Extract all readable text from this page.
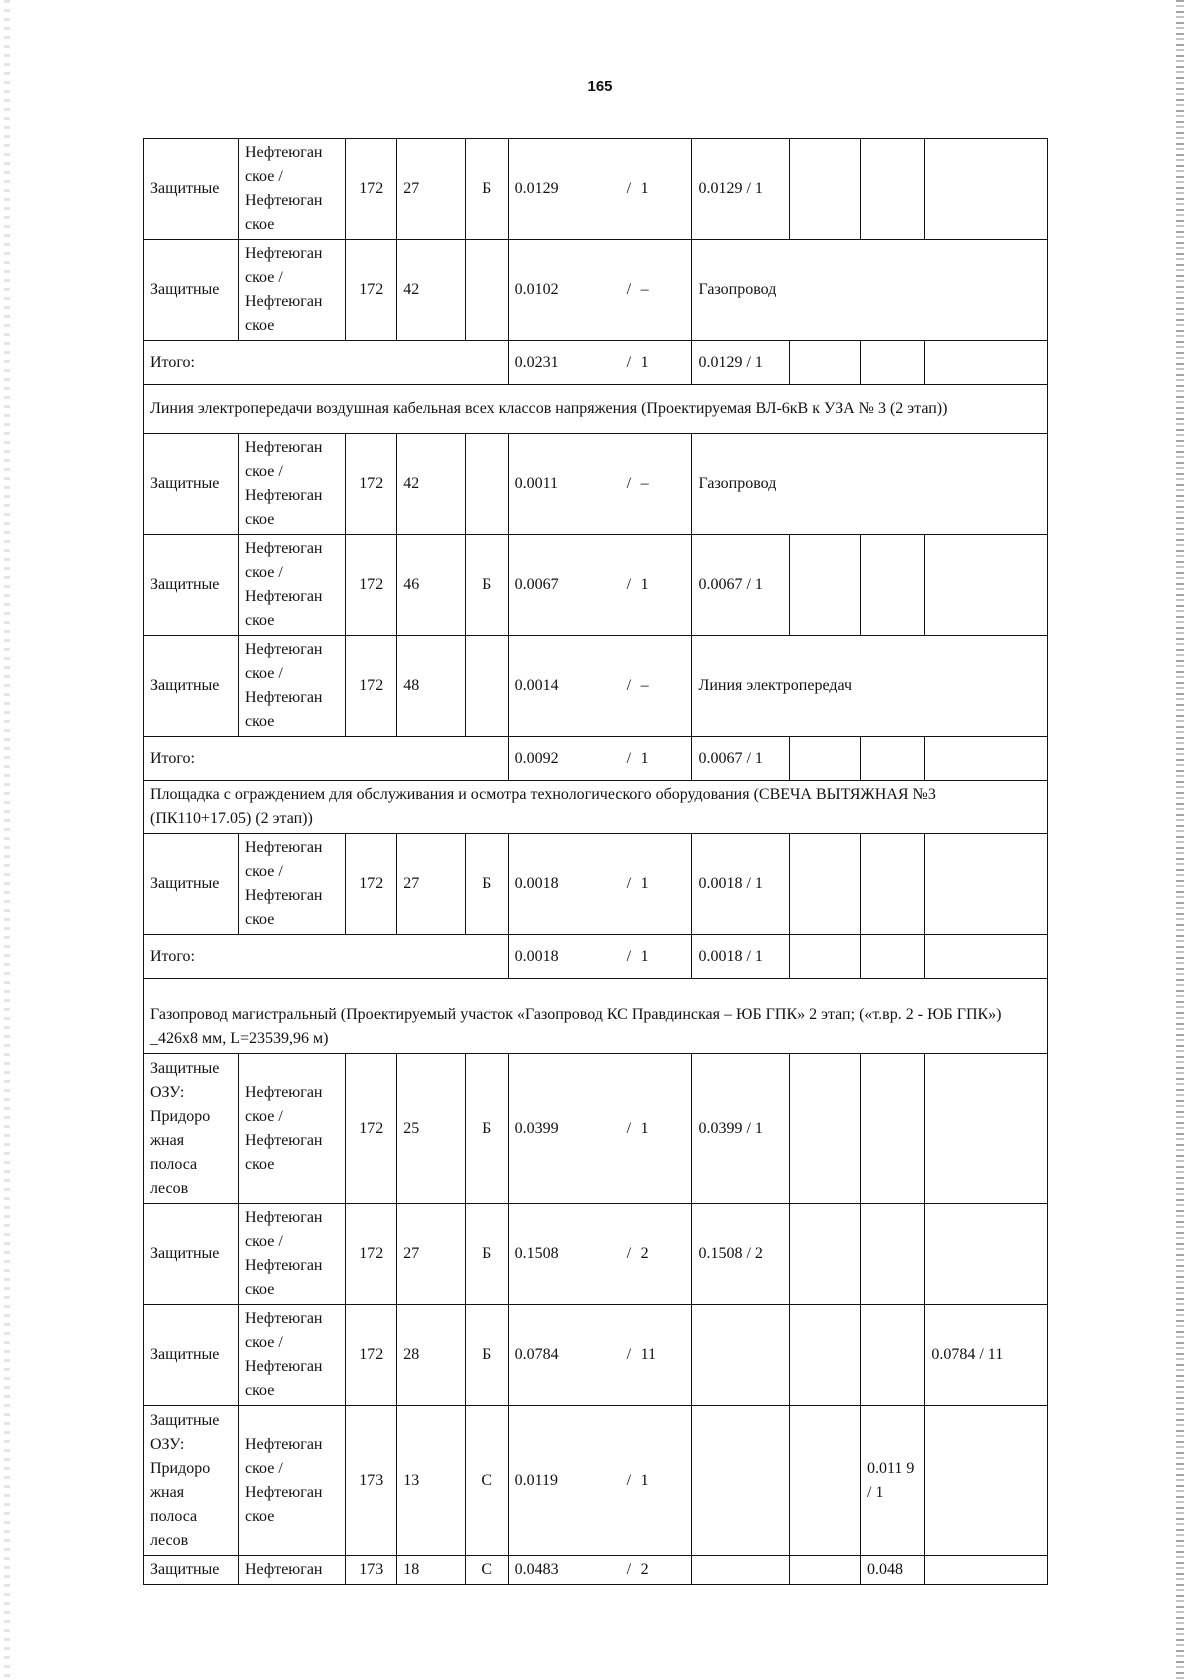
165
Защитные	Нефтеюган ское / Нефтеюган ское	172	27	Б	0.0129 / 1	0.0129 / 1			
Защитные	Нефтеюган ское / Нефтеюган ское	172	42		0.0102 / –	Газопровод			
Итого:					0.0231 / 1	0.0129 / 1			
Линия электропередачи воздушная кабельная всех классов напряжения (Проектируемая ВЛ-6кВ к УЗА № 3 (2 этап))									
Защитные	Нефтеюган ское / Нефтеюган ское	172	42		0.0011 / –	Газопровод			
Защитные	Нефтеюган ское / Нефтеюган ское	172	46	Б	0.0067 / 1	0.0067 / 1			
Защитные	Нефтеюган ское / Нефтеюган ское	172	48		0.0014 / –	Линия электропередач			
Итого:					0.0092 / 1	0.0067 / 1			
Площадка с ограждением для обслуживания и осмотра технологического оборудования (СВЕЧА ВЫТЯЖНАЯ №3 (ПК110+17.05) (2 этап))									
Защитные	Нефтеюган ское / Нефтеюган ское	172	27	Б	0.0018 / 1	0.0018 / 1			
Итого:					0.0018 / 1	0.0018 / 1			
Газопровод магистральный (Проектируемый участок «Газопровод КС Правдинская – ЮБ ГПК» 2 этап; («т.вр. 2 - ЮБ ГПК») _426х8 мм, L=23539,96 м)									
Защитные ОЗУ: Придоро жная полоса лесов	Нефтеюган ское / Нефтеюган ское	172	25	Б	0.0399 / 1	0.0399 / 1			
Защитные	Нефтеюган ское / Нефтеюган ское	172	27	Б	0.1508 / 2	0.1508 / 2			
Защитные	Нефтеюган ское / Нефтеюган ское	172	28	Б	0.0784 / 11				0.0784 / 11
Защитные ОЗУ: Придоро жная полоса лесов	Нефтеюган ское / Нефтеюган ское	173	13	С	0.0119 / 1			0.011 9 / 1	
Защитные	Нефтеюган	173	18	С	0.0483 / 2			0.048	
